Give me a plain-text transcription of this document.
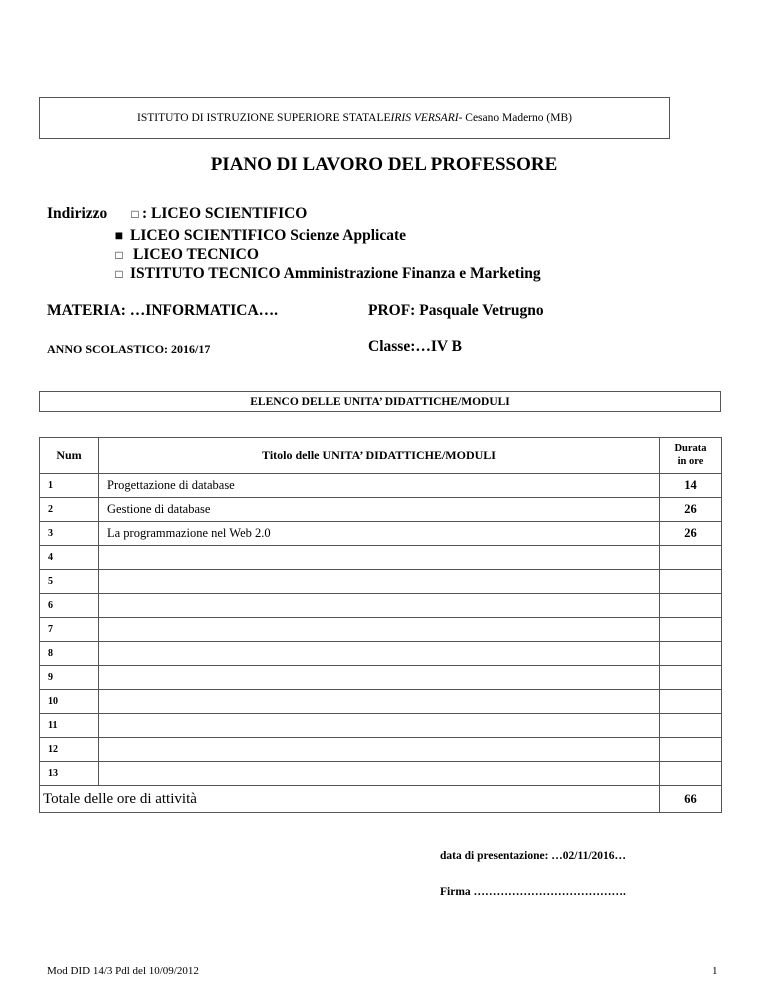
ISTITUTO DI ISTRUZIONE SUPERIORE STATALE IRIS VERSARI - Cesano Maderno (MB)
PIANO DI LAVORO DEL PROFESSORE
Indirizzo □ : LICEO SCIENTIFICO
■ LICEO SCIENTIFICO Scienze Applicate
□ LICEO TECNICO
□ ISTITUTO TECNICO Amministrazione Finanza e Marketing
MATERIA: …INFORMATICA….	PROF: Pasquale Vetrugno
ANNO SCOLASTICO: 2016/17	Classe:…IV B
ELENCO DELLE UNITA’ DIDATTICHE/MODULI
Num	Titolo delle UNITA’ DIDATTICHE/MODULI	Durata
in ore
1	Progettazione di database	14
2	Gestione di database	26
3	La programmazione nel Web 2.0	26
4		
5		
6		
7		
8		
9		
10		
11		
12		
13		
Totale delle ore di attività		66
data di presentazione: …02/11/2016…
Firma ………………………………….
Mod DID 14/3 Pdl del 10/09/2012	1
